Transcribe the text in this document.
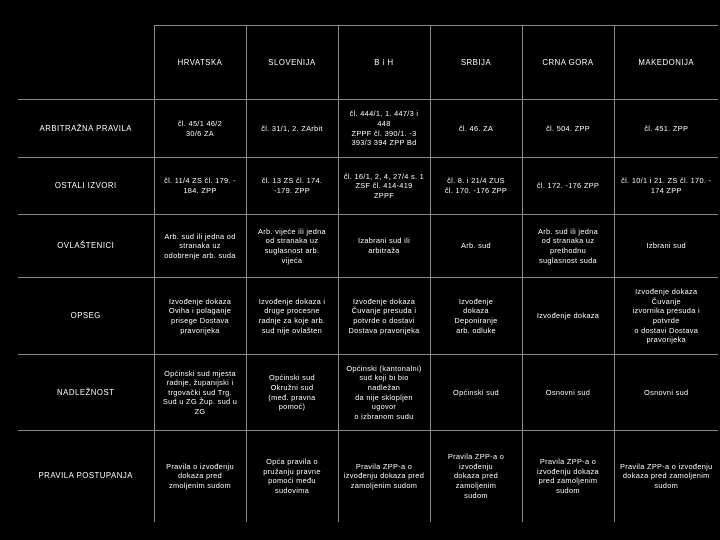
	HRVATSKA	SLOVENIJA	B i H	SRBIJA	CRNA GORA	MAKEDONIJA
ARBITRAŽNA PRAVILA	čl. 45/1 46/2
30/6 ZA	čl. 31/1, 2. ZArbit	čl. 444/1, 1. 447/3 i 448
ZPPF čl. 390/1. -3
393/3 394 ZPP Bd	čl. 46. ZA	čl. 504. ZPP	čl. 451. ZPP
OSTALI IZVORI	čl. 11/4 ZS čl. 179. -
184. ZPP	čl. 13 ZS čl. 174.
-179. ZPP	čl. 16/1, 2, 4, 27/4 s. 1
ZSF čl. 414-419
ZPPF	čl. 8. i 21/4 ZUS
čl. 170. -176 ZPP	čl. 172. -176 ZPP	čl. 10/1 i 21. ZS čl. 170. -
174 ZPP
OVLAŠTENICI	Arb. sud ili jedna od
stranaka uz
odobrenje arb. suda	Arb. vijeće ili jedna
od stranaka uz
suglasnost arb.
vijeća	Izabrani sud ili arbitraža	Arb. sud	Arb. sud ili jedna
od stranaka uz
prethodnu
suglasnost suda	Izbrani sud
OPSEG	Izvođenje dokaza
Oviha i polaganje
prisege Dostava
pravorijeka	Izvođenje dokaza i
druge procesne
radnje za koje arb.
sud nije ovlašten	Izvođenje dokaza
Čuvanje presuda i
potvrde o dostavi
Dostava pravorijeka	Izvođenje
dokaza
Deponiranje
arb. odluke	Izvođenje dokaza	Izvođenje dokaza Čuvanje
izvornika presuda i potvrde
o dostavi Dostava
pravorijeka
NADLEŽNOST	Općinski sud mjesta
radnje, županijski i
trgovački sud Trg.
Sud u ZG Žup. sud u
ZG	Općinski sud
Okružni sud
(međ. pravna
pomoć)	Općinski (kantonalni)
sud koji bi bio nadležan
da nije sklopljen ugovor
o izbranom sudu	Općinski sud	Osnovni sud	Osnovni sud
PRAVILA POSTUPANJA	Pravila o izvođenju
dokaza pred
zmoljenim sudom	Opća pravila o
pružanju pravne
pomoći među
sudovima	Pravila ZPP-a o
izvođenju dokaza pred
zamoljenim sudom	Pravila ZPP-a o
izvođenju
dokaza pred
zamoljenim
sudom	Pravila ZPP-a o
izvođenju dokaza
pred zamoljenim
sudom	Pravila ZPP-a o izvođenju
dokaza pred zamoljenim
sudom
